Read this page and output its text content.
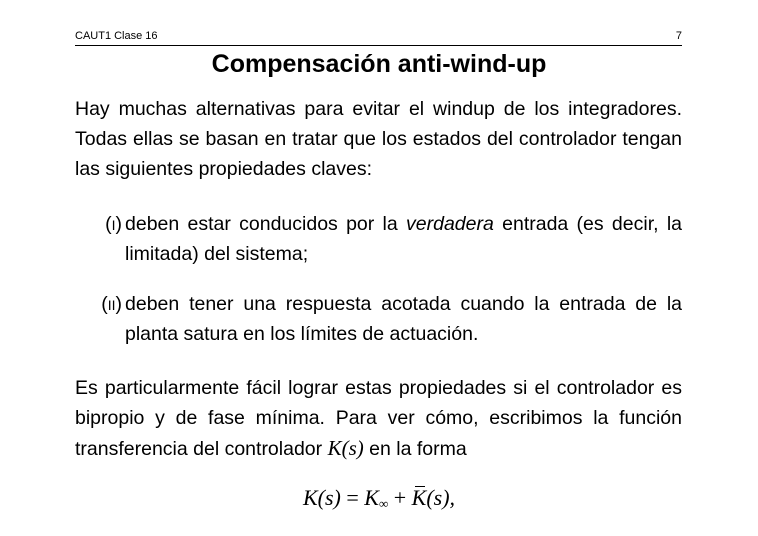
CAUT1 Clase 16	7
Compensación anti-wind-up
Hay muchas alternativas para evitar el windup de los integradores. Todas ellas se basan en tratar que los estados del controlador tengan las siguientes propiedades claves:
(I) deben estar conducidos por la verdadera entrada (es decir, la limitada) del sistema;
(II) deben tener una respuesta acotada cuando la entrada de la planta satura en los límites de actuación.
Es particularmente fácil lograr estas propiedades si el controlador es bipropio y de fase mínima. Para ver cómo, escribimos la función transferencia del controlador K(s) en la forma
$K(s) = K_\infty + K(s)$,
